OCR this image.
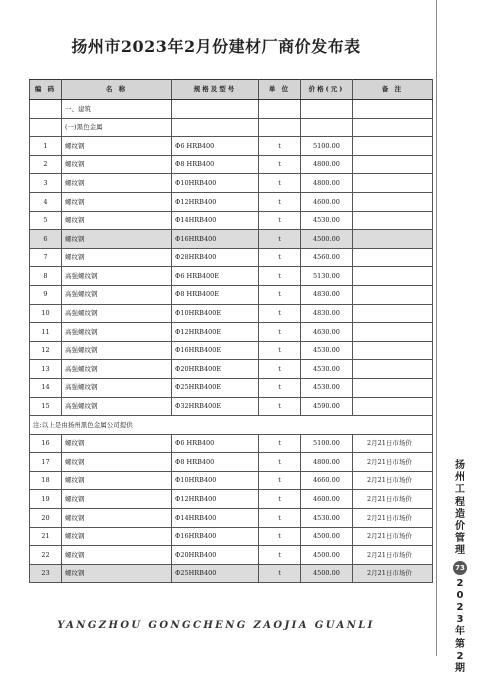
扬州市2023年2月份建材厂商价发布表
编 码	名 称	规格及型号	单 位	价格(元)	备 注
	一、建筑				
	(一)黑色金属				
1	螺纹钢	Φ6 HRB400	t	5100.00	
2	螺纹钢	Φ8 HRB400	t	4800.00	
3	螺纹钢	Φ10HRB400	t	4800.00	
4	螺纹钢	Φ12HRB400	t	4600.00	
5	螺纹钢	Φ14HRB400	t	4530.00	
6	螺纹钢	Φ16HRB400	t	4500.00	
7	螺纹钢	Φ28HRB400	t	4560.00	
8	高强螺纹钢	Φ6 HRB400E	t	5130.00	
9	高强螺纹钢	Φ8 HRB400E	t	4830.00	
10	高强螺纹钢	Φ10HRB400E	t	4830.00	
11	高强螺纹钢	Φ12HRB400E	t	4630.00	
12	高强螺纹钢	Φ16HRB400E	t	4530.00	
13	高强螺纹钢	Φ20HRB400E	t	4530.00	
14	高强螺纹钢	Φ25HRB400E	t	4530.00	
15	高强螺纹钢	Φ32HRB400E	t	4590.00	
注:以上是由扬州黑色金属公司提供					
16	螺纹钢	Φ6 HRB400	t	5100.00	2月21日市场价
17	螺纹钢	Φ8 HRB400	t	4800.00	2月21日市场价
18	螺纹钢	Φ10HRB400	t	4660.00	2月21日市场价
19	螺纹钢	Φ12HRB400	t	4600.00	2月21日市场价
20	螺纹钢	Φ14HRB400	t	4530.00	2月21日市场价
21	螺纹钢	Φ16HRB400	t	4500.00	2月21日市场价
22	螺纹钢	Φ20HRB400	t	4500.00	2月21日市场价
23	螺纹钢	Φ25HRB400	t	4500.00	2月21日市场价
YANGZHOU GONGCHENG ZAOJIA GUANLI
扬
州
工
程
造
价
管
理
73
2
0
2
3
年
第
2
期
